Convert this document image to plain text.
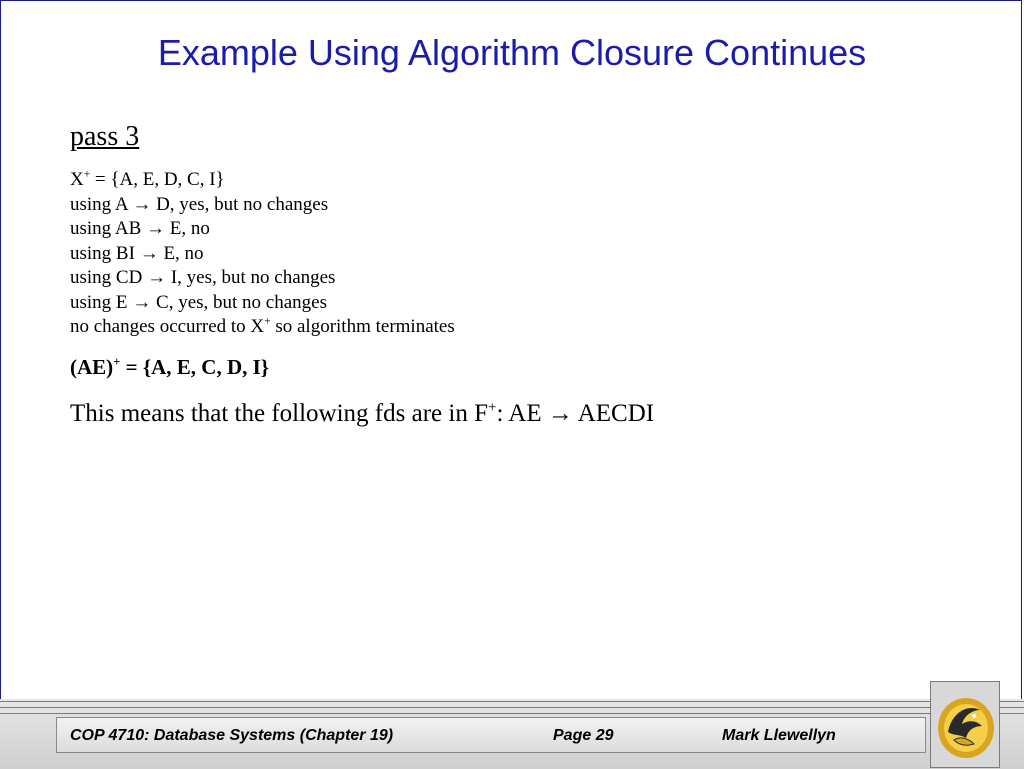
Example Using Algorithm Closure Continues
pass 3
X+ = {A, E, D, C, I}
using A → D, yes, but no changes
using AB → E, no
using BI → E, no
using CD → I, yes, but no changes
using E → C, yes, but no changes
no changes occurred to X+ so algorithm terminates
(AE)+ = {A, E, C, D, I}
This means that the following fds are in F+: AE → AECDI
COP 4710: Database Systems (Chapter 19)	Page 29	Mark Llewellyn
